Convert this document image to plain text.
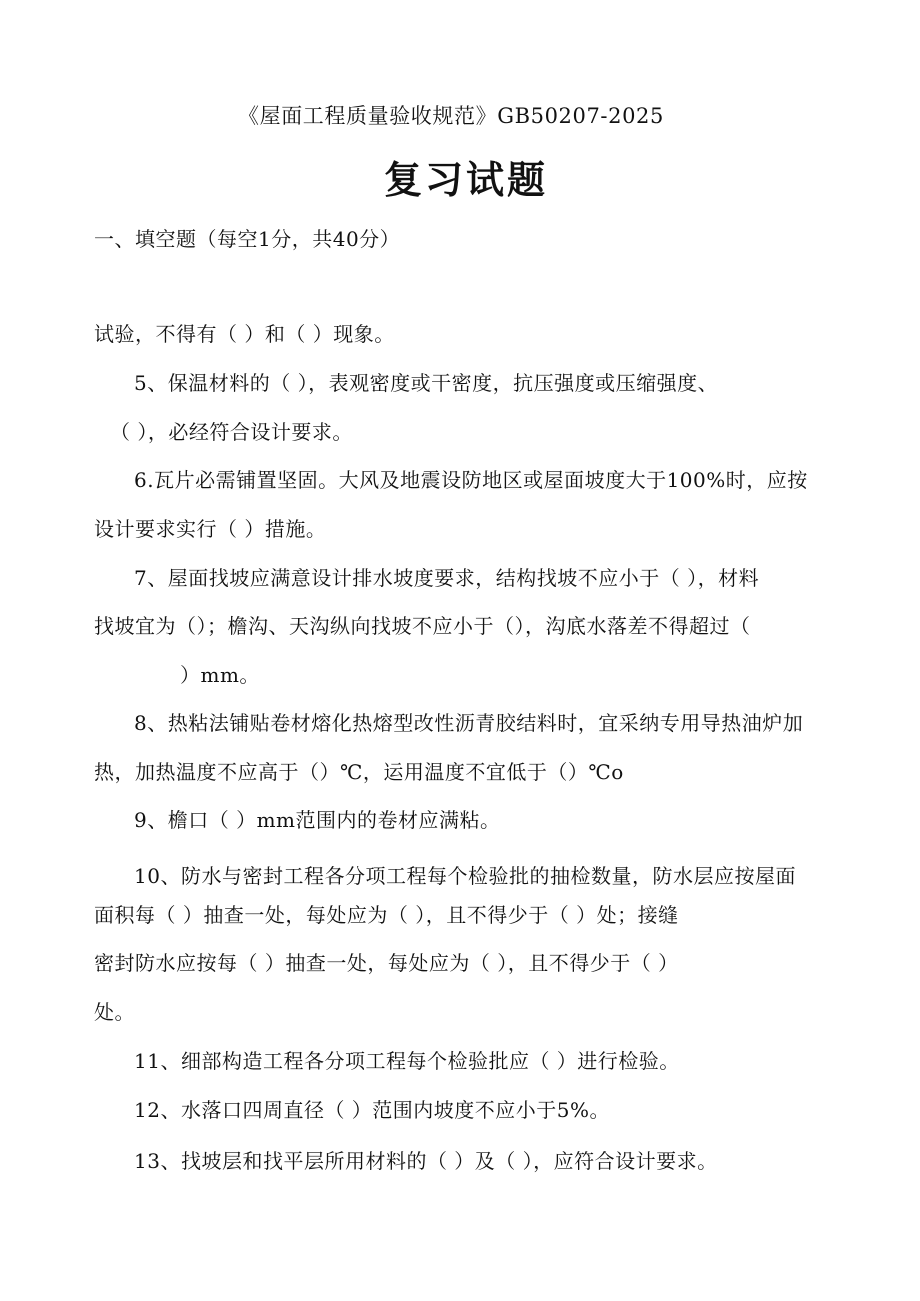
《屋面工程质量验收规范》GB50207-2025
复习试题
一、填空题（每空1分，共40分）
试验，不得有（ ）和（ ）现象。
5、保温材料的（ ），表观密度或干密度，抗压强度或压缩强度、
（ ），必经符合设计要求。
6.瓦片必需铺置坚固。大风及地震设防地区或屋面坡度大于100%时，应按
设计要求实行（ ）措施。
7、屋面找坡应满意设计排水坡度要求，结构找坡不应小于（ ），材料
找坡宜为（）；檐沟、天沟纵向找坡不应小于（），沟底水落差不得超过（
）mm。
8、热粘法铺贴卷材熔化热熔型改性沥青胶结料时，宜采纳专用导热油炉加
热，加热温度不应高于（）℃，运用温度不宜低于（）℃o
9、檐口（ ）mm范围内的卷材应满粘。
10、防水与密封工程各分项工程每个检验批的抽检数量，防水层应按屋面
面积每（ ）抽查一处，每处应为（ ），且不得少于（ ）处；接缝
密封防水应按每（ ）抽查一处，每处应为（ ），且不得少于（ ）
处。
11、细部构造工程各分项工程每个检验批应（ ）进行检验。
12、水落口四周直径（ ）范围内坡度不应小于5%。
13、找坡层和找平层所用材料的（ ）及（ ），应符合设计要求。
